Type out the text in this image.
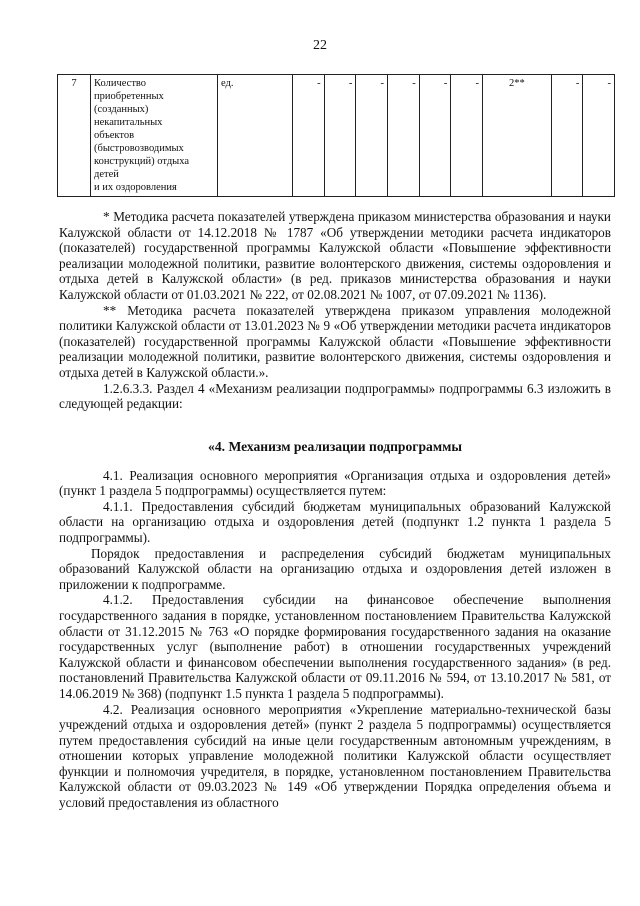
22
7	Количество
приобретенных
(созданных)
некапитальных
объектов
(быстровозводимых
конструкций) отдыха
детей
и их оздоровления
	ед.	-	-	-	-	-	-	2**	-	-

* Методика расчета показателей утверждена приказом министерства образования и науки Калужской области от 14.12.2018 № 1787 «Об утверждении методики расчета индикаторов (показателей) государственной программы Калужской области «Повышение эффективности реализации молодежной политики, развитие волонтерского движения, системы оздоровления и отдыха детей в Калужской области» (в ред. приказов министерства образования и науки Калужской области от 01.03.2021 № 222, от 02.08.2021 № 1007, от 07.09.2021 № 1136).

** Методика расчета показателей утверждена приказом управления молодежной политики Калужской области от 13.01.2023 № 9 «Об утверждении методики расчета индикаторов (показателей) государственной программы Калужской области «Повышение эффективности реализации молодежной политики, развитие волонтерского движения, системы оздоровления и отдыха детей в Калужской области.».

1.2.6.3.3. Раздел 4 «Механизм реализации подпрограммы» подпрограммы 6.3 изложить в следующей редакции:

«4. Механизм реализации подпрограммы

4.1. Реализация основного мероприятия «Организация отдыха и оздоровления детей» (пункт 1 раздела 5 подпрограммы) осуществляется путем:

4.1.1. Предоставления субсидий бюджетам муниципальных образований Калужской области на организацию отдыха и оздоровления детей (подпункт 1.2 пункта 1 раздела 5 подпрограммы).

Порядок предоставления и распределения субсидий бюджетам муниципальных образований Калужской области на организацию отдыха и оздоровления детей изложен в приложении к подпрограмме.

4.1.2. Предоставления субсидии на финансовое обеспечение выполнения государственного задания в порядке, установленном постановлением Правительства Калужской области от 31.12.2015 № 763 «О порядке формирования государственного задания на оказание государственных услуг (выполнение работ) в отношении государственных учреждений Калужской области и финансовом обеспечении выполнения государственного задания» (в ред. постановлений Правительства Калужской области от 09.11.2016 № 594, от 13.10.2017 № 581, от 14.06.2019 № 368) (подпункт 1.5 пункта 1 раздела 5 подпрограммы).

4.2. Реализация основного мероприятия «Укрепление материально-технической базы учреждений отдыха и оздоровления детей» (пункт 2 раздела 5 подпрограммы) осуществляется путем предоставления субсидий на иные цели государственным автономным учреждениям, в отношении которых управление молодежной политики Калужской области осуществляет функции и полномочия учредителя, в порядке, установленном постановлением Правительства Калужской области от 09.03.2023 № 149 «Об утверждении Порядка определения объема и условий предоставления из областного
